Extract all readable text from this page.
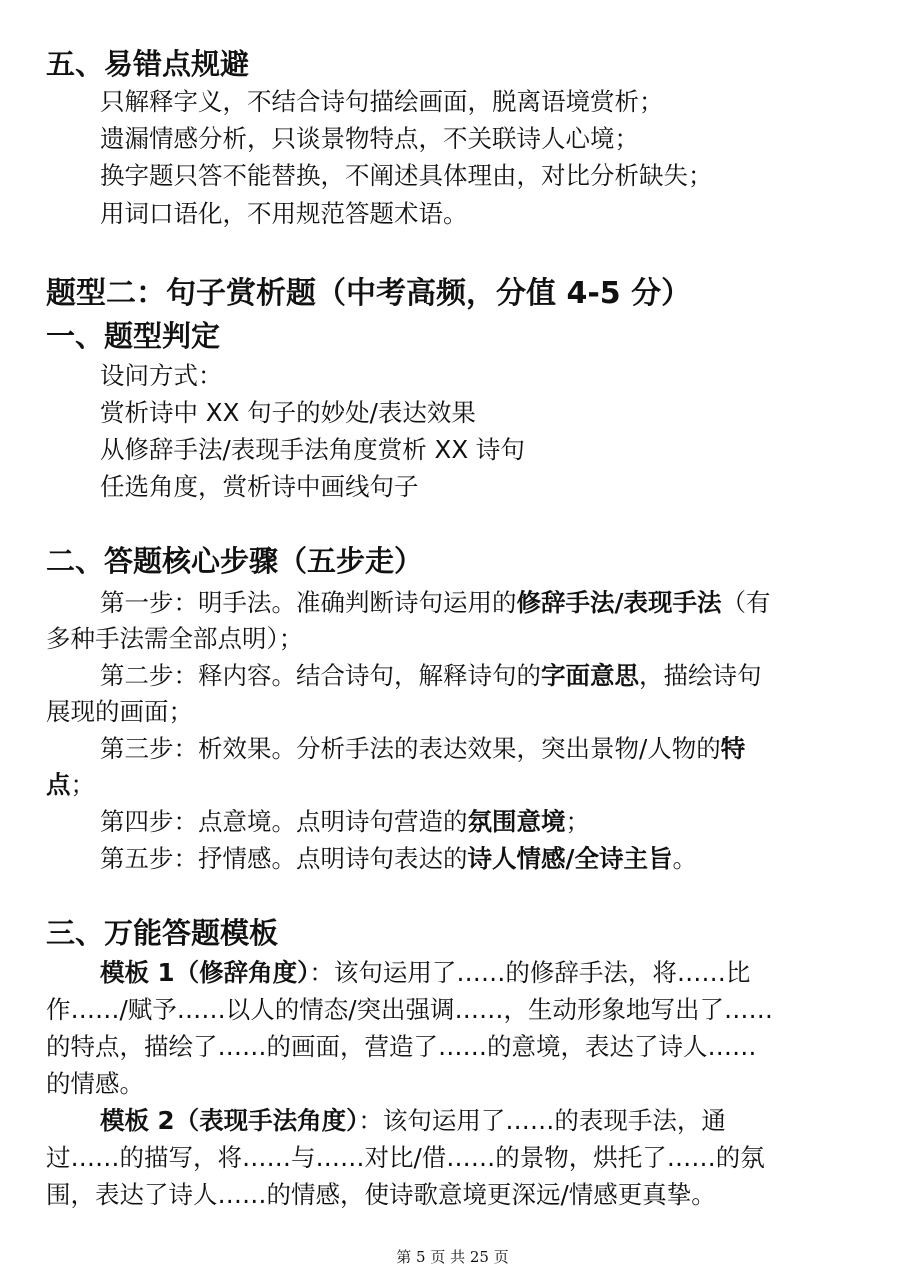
五、易错点规避
只解释字义，不结合诗句描绘画面，脱离语境赏析；
遗漏情感分析，只谈景物特点，不关联诗人心境；
换字题只答不能替换，不阐述具体理由，对比分析缺失；
用词口语化，不用规范答题术语。
题型二：句子赏析题（中考高频，分值 4-5 分）
一、题型判定
设问方式：
赏析诗中 XX 句子的妙处/表达效果
从修辞手法/表现手法角度赏析 XX 诗句
任选角度，赏析诗中画线句子
二、答题核心步骤（五步走）
第一步：明手法。准确判断诗句运用的修辞手法/表现手法（有
多种手法需全部点明）；
第二步：释内容。结合诗句，解释诗句的字面意思，描绘诗句
展现的画面；
第三步：析效果。分析手法的表达效果，突出景物/人物的特
点；
第四步：点意境。点明诗句营造的氛围意境；
第五步：抒情感。点明诗句表达的诗人情感/全诗主旨。
三、万能答题模板
模板 1（修辞角度）：该句运用了……的修辞手法，将……比
作……/赋予……以人的情态/突出强调……，生动形象地写出了……
的特点，描绘了……的画面，营造了……的意境，表达了诗人……
的情感。
模板 2（表现手法角度）：该句运用了……的表现手法，通
过……的描写，将……与……对比/借……的景物，烘托了……的氛
围，表达了诗人……的情感，使诗歌意境更深远/情感更真挚。
第 5 页 共 25 页
